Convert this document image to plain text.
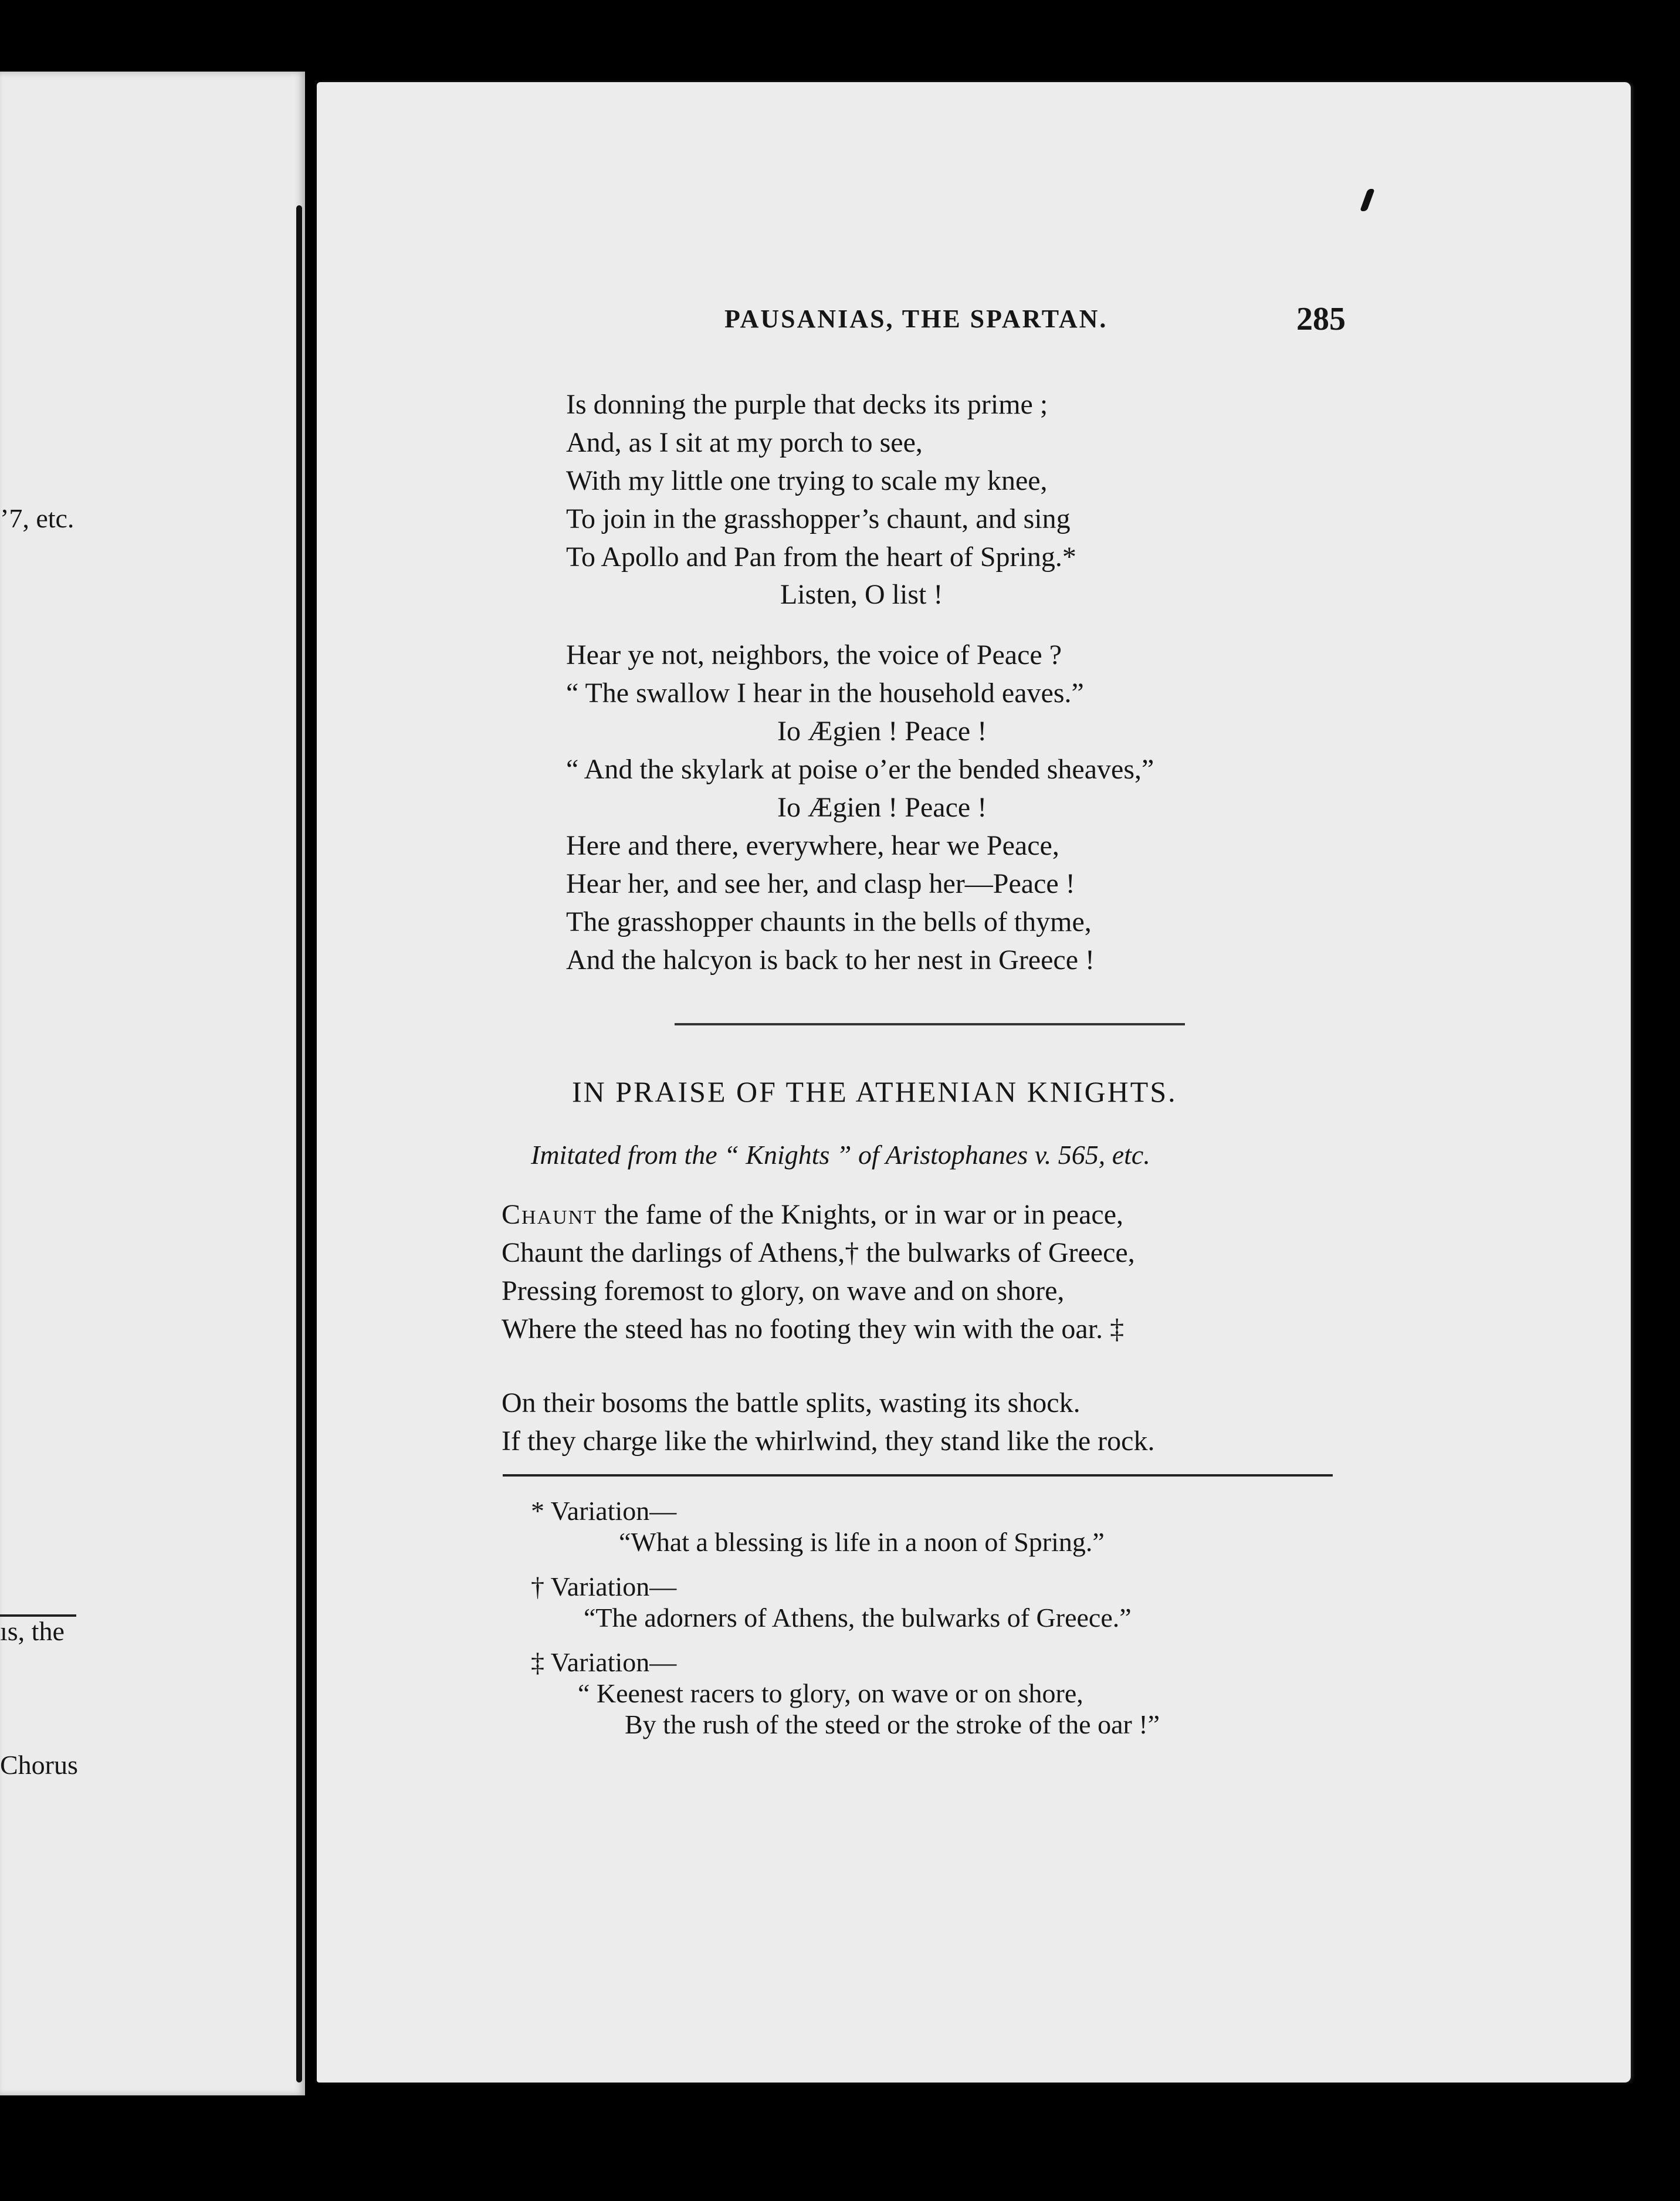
’7, etc.
ıs, the
Chorus
PAUSANIAS, THE SPARTAN.	285
Is donning the purple that decks its prime ;
And, as I sit at my porch to see,
With my little one trying to scale my knee,
To join in the grasshopper’s chaunt, and sing
To Apollo and Pan from the heart of Spring.*
Listen, O list !
Hear ye not, neighbors, the voice of Peace ?
“ The swallow I hear in the household eaves.”
Io Ægien ! Peace !
“ And the skylark at poise o’er the bended sheaves,”
Io Ægien ! Peace !
Here and there, everywhere, hear we Peace,
Hear her, and see her, and clasp her—Peace !
The grasshopper chaunts in the bells of thyme,
And the halcyon is back to her nest in Greece !
IN PRAISE OF THE ATHENIAN KNIGHTS.
Imitated from the “ Knights ” of Aristophanes v. 565, etc.
Chaunt the fame of the Knights, or in war or in peace,
Chaunt the darlings of Athens,† the bulwarks of Greece,
Pressing foremost to glory, on wave and on shore,
Where the steed has no footing they win with the oar. ‡
On their bosoms the battle splits, wasting its shock.
If they charge like the whirlwind, they stand like the rock.
* Variation—
“What a blessing is life in a noon of Spring.”
† Variation—
“The adorners of Athens, the bulwarks of Greece.”
‡ Variation—
“ Keenest racers to glory, on wave or on shore,
By the rush of the steed or the stroke of the oar !”
